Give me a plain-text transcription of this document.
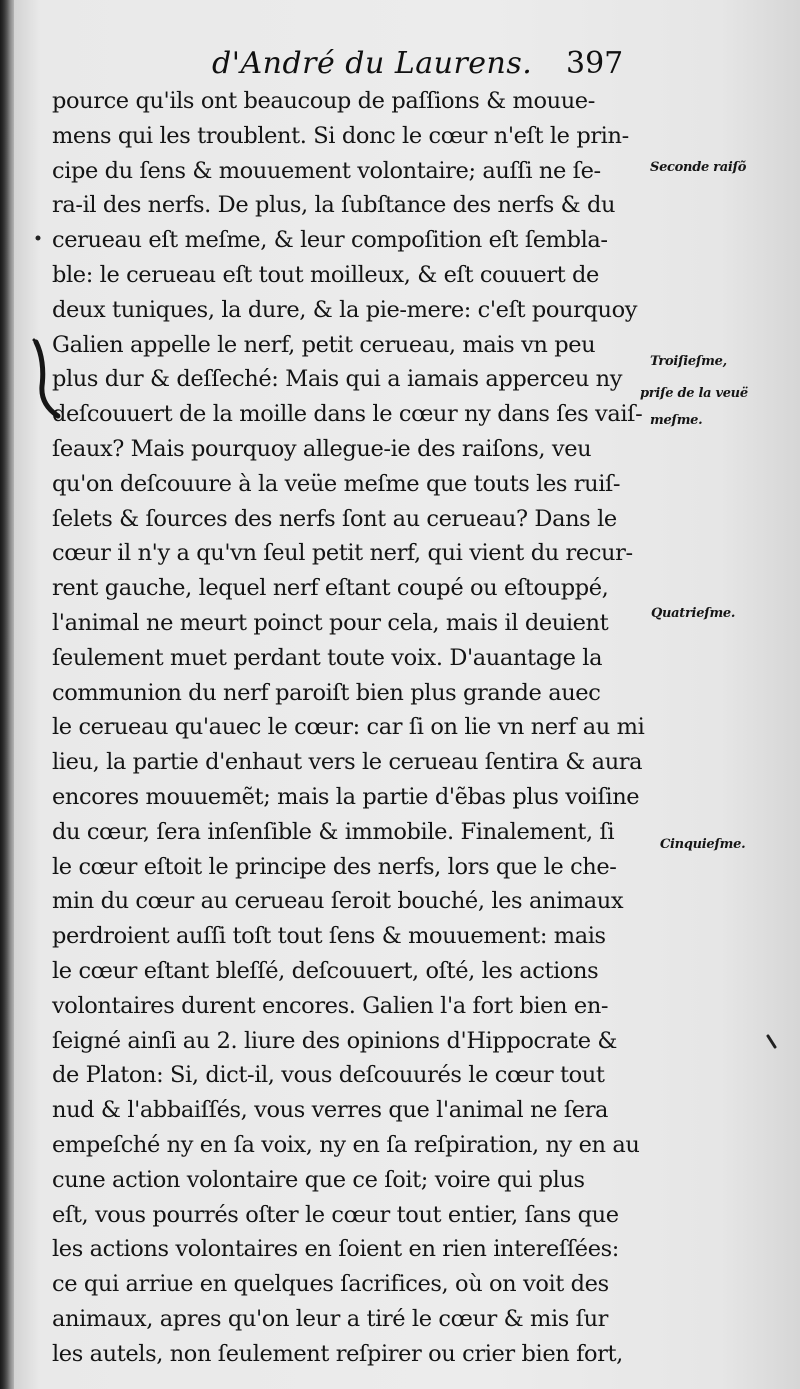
d'André du Laurens. 397
pource qu'ils ont beaucoup de paſſions & mouue-
mens qui les troublent. Si donc le cœur n'eſt le prin-
cipe du ſens & mouuement volontaire; auſſi ne ſe-
ra-il des nerfs. De plus, la ſubſtance des nerfs & du
cerueau eſt meſme, & leur compoſition eſt ſembla-
ble: le cerueau eſt tout moilleux, & eſt couuert de
deux tuniques, la dure, & la pie-mere: c'eſt pourquoy
Galien appelle le nerf, petit cerueau, mais vn peu
plus dur & deſſeché: Mais qui a iamais apperceu ny
deſcouuert de la moille dans le cœur ny dans ſes vaiſ-
ſeaux? Mais pourquoy allegue-ie des raiſons, veu
qu'on deſcouure à la veüe meſme que touts les ruiſ-
ſelets & ſources des nerfs ſont au cerueau? Dans le
cœur il n'y a qu'vn ſeul petit nerf, qui vient du recur-
rent gauche, lequel nerf eſtant coupé ou eſtouppé,
l'animal ne meurt poinct pour cela, mais il deuient
ſeulement muet perdant toute voix. D'auantage la
communion du nerf paroiſt bien plus grande auec
le cerueau qu'auec le cœur: car ſi on lie vn nerf au mi
lieu, la partie d'enhaut vers le cerueau ſentira & aura
encores mouuemẽt; mais la partie d'ẽbas plus voiſine
du cœur, ſera inſenſible & immobile. Finalement, ſi
le cœur eſtoit le principe des nerfs, lors que le che-
min du cœur au cerueau ſeroit bouché, les animaux
perdroient auſſi toſt tout ſens & mouuement: mais
le cœur eſtant bleſſé, deſcouuert, oſté, les actions
volontaires durent encores. Galien l'a fort bien en-
ſeigné ainſi au 2. liure des opinions d'Hippocrate &
de Platon: Si, dict-il, vous deſcouurés le cœur tout
nud & l'abbaiſſés, vous verres que l'animal ne ſera
empeſché ny en ſa voix, ny en ſa reſpiration, ny en au
cune action volontaire que ce ſoit; voire qui plus
eſt, vous pourrés oſter le cœur tout entier, ſans que
les actions volontaires en ſoient en rien intereſſées:
ce qui arriue en quelques ſacrifices, où on voit des
animaux, apres qu'on leur a tiré le cœur & mis ſur
les autels, non ſeulement reſpirer ou crier bien fort,
Seconde raiſõ
Troiſieſme,
priſe de la veuë
meſme.
Quatrieſme.
Cinquieſme.
